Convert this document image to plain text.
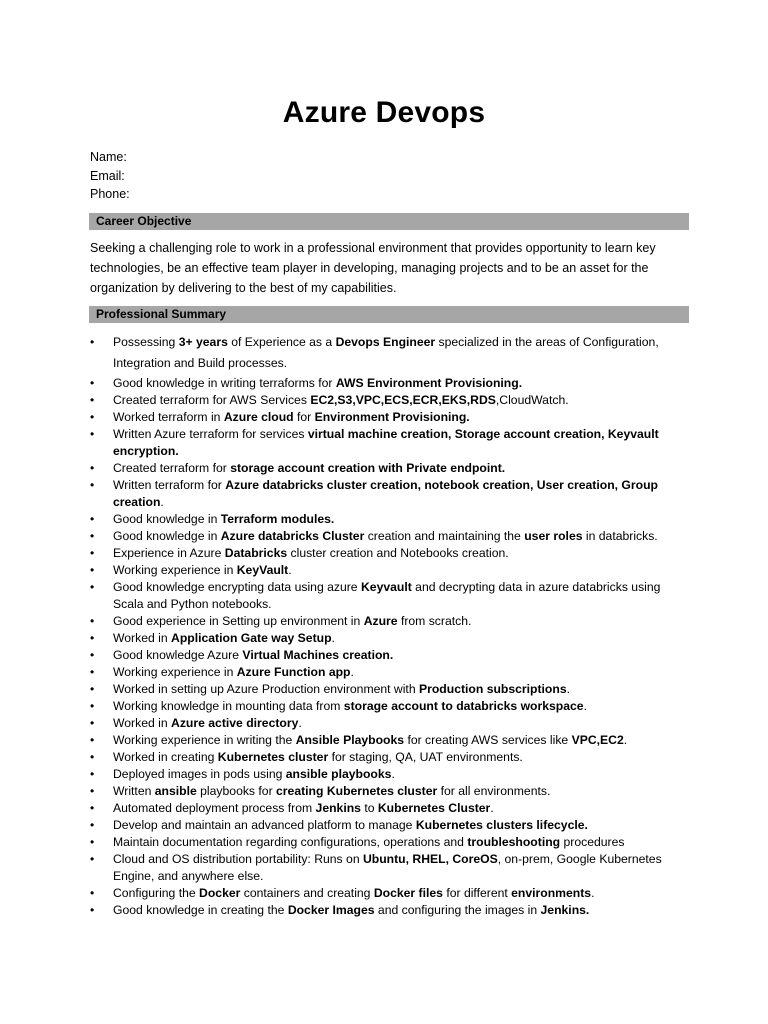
Azure Devops
Name:
Email:
Phone:
Career Objective
Seeking a challenging role to work in a professional environment that provides opportunity to learn key technologies, be an effective team player in developing, managing projects and to be an asset for the organization by delivering to the best of my capabilities.
Professional Summary
• Possessing 3+ years of Experience as a Devops Engineer specialized in the areas of Configuration, Integration and Build processes.
• Good knowledge in writing terraforms for AWS Environment Provisioning.
• Created terraform for AWS Services EC2,S3,VPC,ECS,ECR,EKS,RDS,CloudWatch.
• Worked terraform in Azure cloud for Environment Provisioning.
• Written Azure terraform for services virtual machine creation, Storage account creation, Keyvault encryption.
• Created terraform for storage account creation with Private endpoint.
• Written terraform for Azure databricks cluster creation, notebook creation, User creation, Group creation.
• Good knowledge in Terraform modules.
• Good knowledge in Azure databricks Cluster creation and maintaining the user roles in databricks.
• Experience in Azure Databricks cluster creation and Notebooks creation.
• Working experience in KeyVault.
• Good knowledge encrypting data using azure Keyvault and decrypting data in azure databricks using Scala and Python notebooks.
• Good experience in Setting up environment in Azure from scratch.
• Worked in Application Gate way Setup.
• Good knowledge Azure Virtual Machines creation.
• Working experience in Azure Function app.
• Worked in setting up Azure Production environment with Production subscriptions.
• Working knowledge in mounting data from storage account to databricks workspace.
• Worked in Azure active directory.
• Working experience in writing the Ansible Playbooks for creating AWS services like VPC,EC2.
• Worked in creating Kubernetes cluster for staging, QA, UAT environments.
• Deployed images in pods using ansible playbooks.
• Written ansible playbooks for creating Kubernetes cluster for all environments.
• Automated deployment process from Jenkins to Kubernetes Cluster.
• Develop and maintain an advanced platform to manage Kubernetes clusters lifecycle.
• Maintain documentation regarding configurations, operations and troubleshooting procedures
• Cloud and OS distribution portability: Runs on Ubuntu, RHEL, CoreOS, on-prem, Google Kubernetes Engine, and anywhere else.
• Configuring the Docker containers and creating Docker files for different environments.
• Good knowledge in creating the Docker Images and configuring the images in Jenkins.
